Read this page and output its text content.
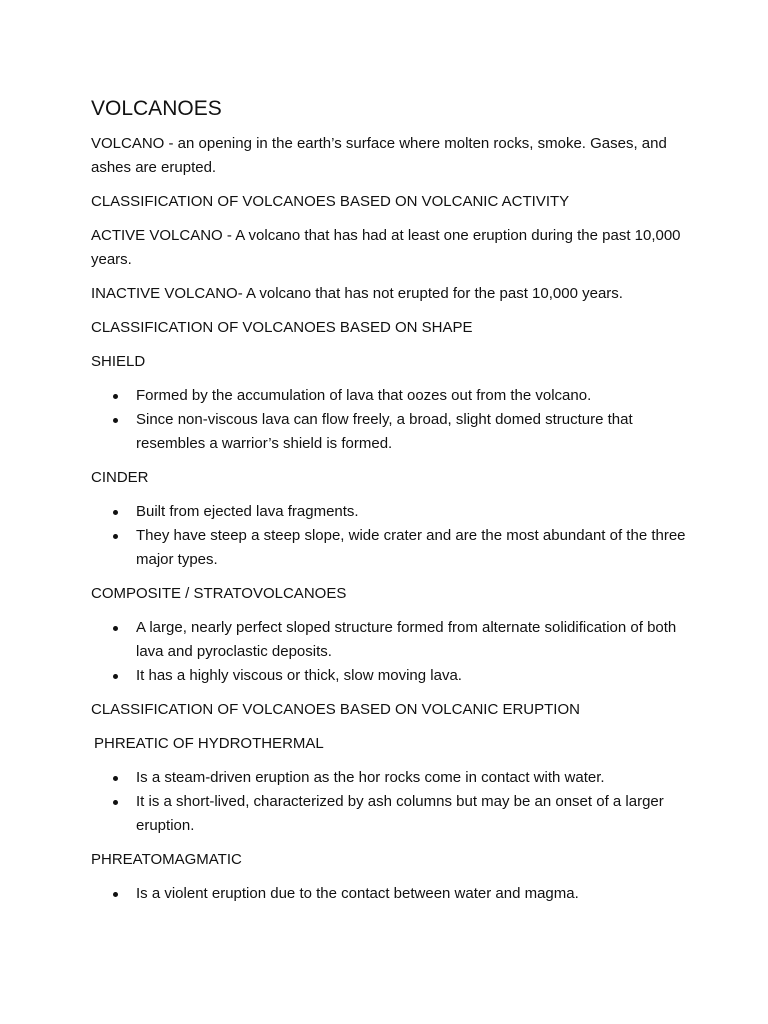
VOLCANOES

VOLCANO - an opening in the earth’s surface where molten rocks, smoke. Gases, and ashes are erupted.

CLASSIFICATION OF VOLCANOES BASED ON VOLCANIC ACTIVITY

ACTIVE VOLCANO - A volcano that has had at least one eruption during the past 10,000 years.

INACTIVE VOLCANO- A volcano that has not erupted for the past 10,000 years.

CLASSIFICATION OF VOLCANOES BASED ON SHAPE

SHIELD

Formed by the accumulation of lava that oozes out from the volcano.
Since non-viscous lava can flow freely, a broad, slight domed structure that resembles a warrior’s shield is formed.

CINDER

Built from ejected lava fragments.
They have steep a steep slope, wide crater and are the most abundant of the three major types.

COMPOSITE / STRATOVOLCANOES

A large, nearly perfect sloped structure formed from alternate solidification of both lava and pyroclastic deposits.
It has a highly viscous or thick, slow moving lava.

CLASSIFICATION OF VOLCANOES BASED ON VOLCANIC ERUPTION

PHREATIC OF HYDROTHERMAL

Is a steam-driven eruption as the hor rocks come in contact with water.
It is a short-lived, characterized by ash columns but may be an onset of a larger eruption.

PHREATOMAGMATIC

Is a violent eruption due to the contact between water and magma.
